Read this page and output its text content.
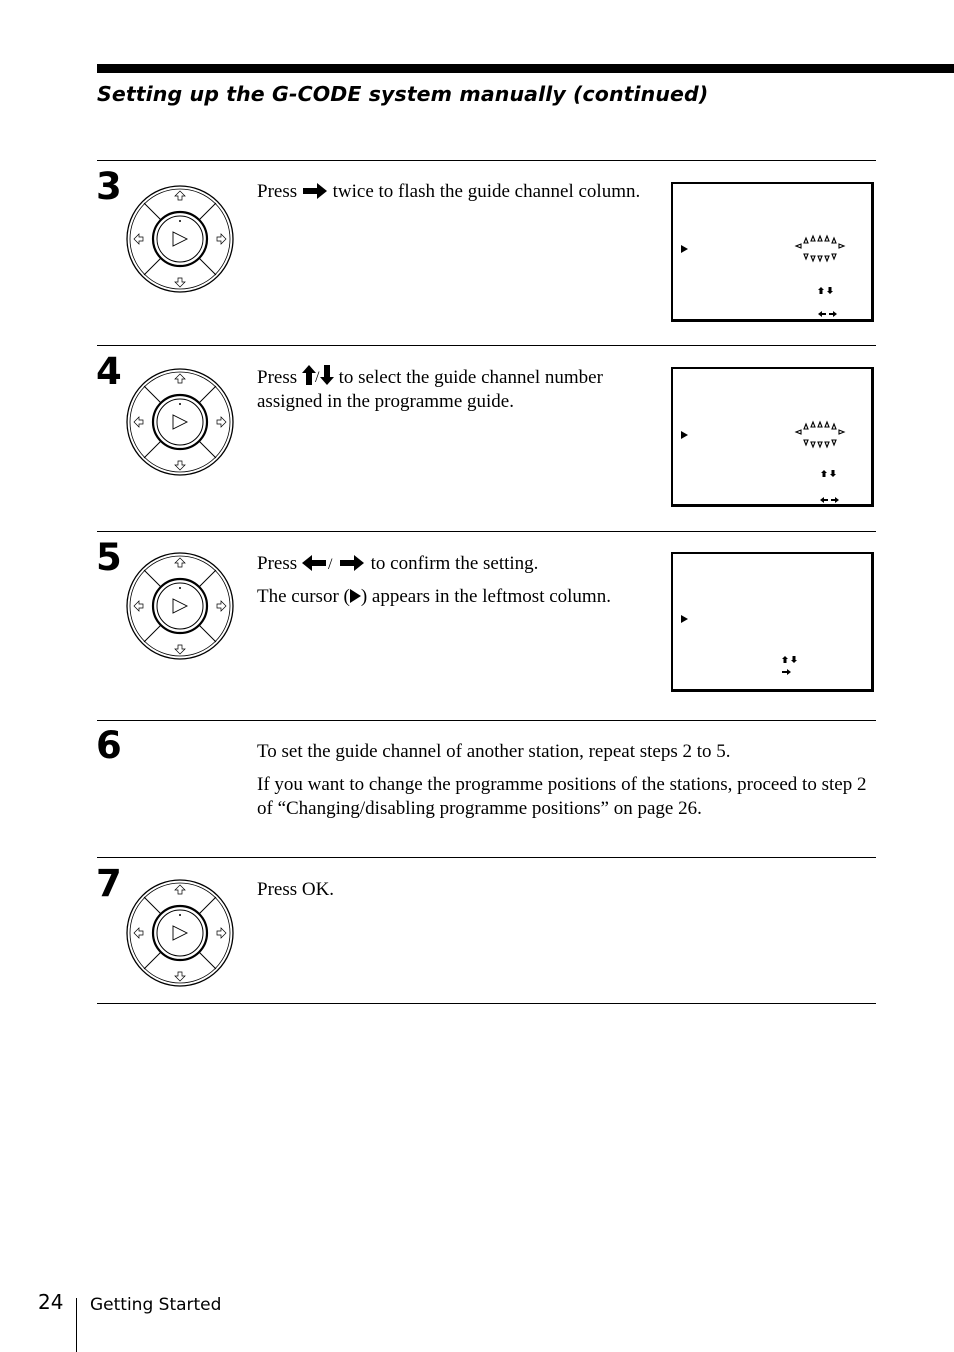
Setting up the G-CODE system manually (continued)
3	Press twice to flash the guide channel column.

4	Press / to select the guide channel number assigned in the programme guide.

5	Press / to confirm the setting.

The cursor ( ) appears in the leftmost column.

6	To set the guide channel of another station, repeat steps 2 to 5.

If you want to change the programme positions of the stations, proceed to step 2 of “Changing/disabling programme positions” on page 26.

7	Press OK.

24 Getting Started
